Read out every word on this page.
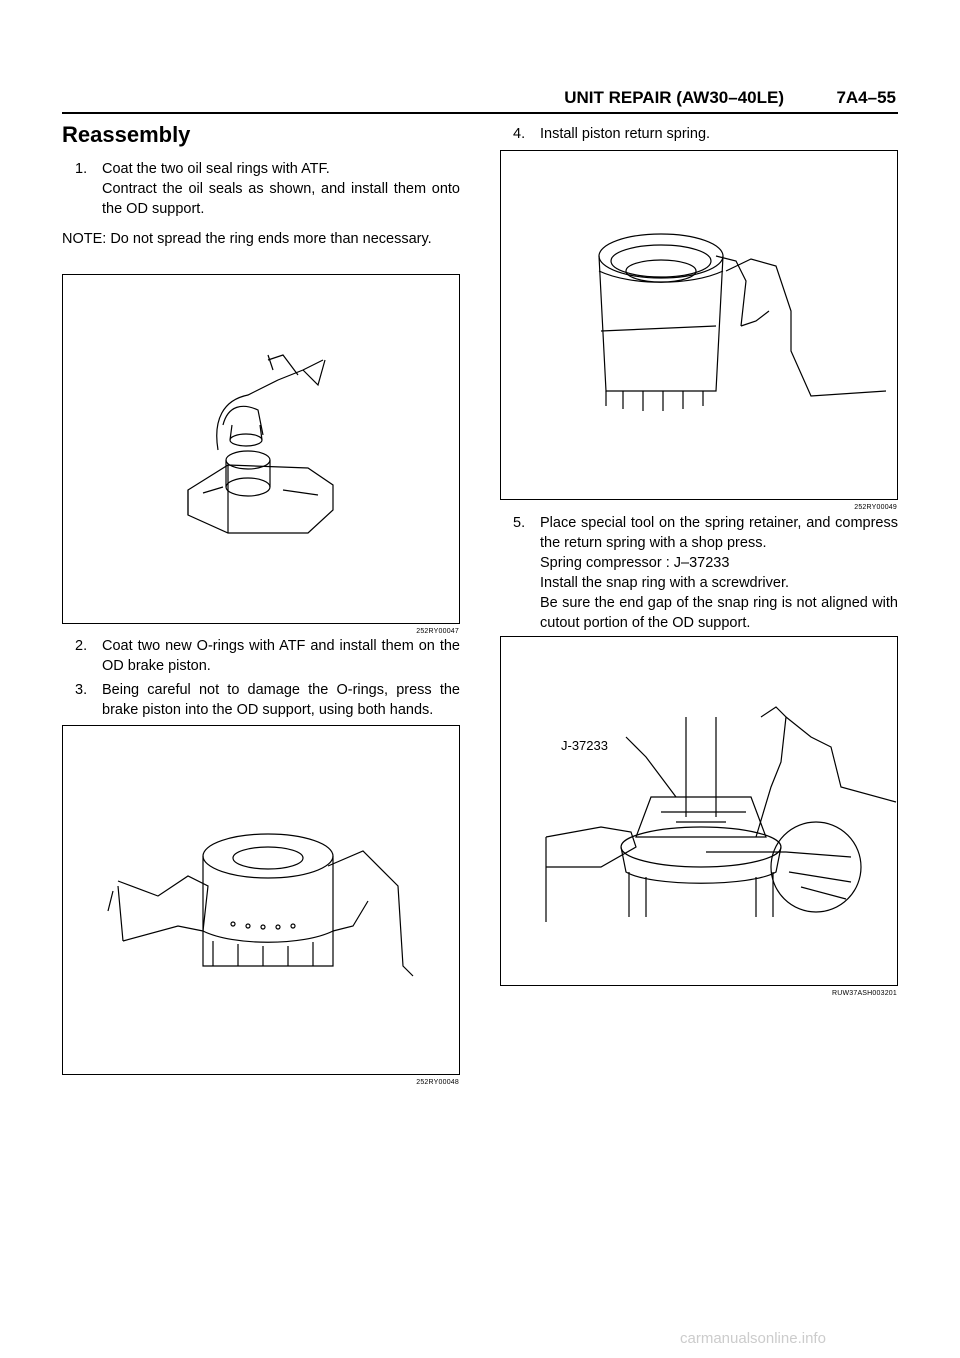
UNIT REPAIR (AW30–40LE)	7A4–55
Reassembly
1. Coat the two oil seal rings with ATF.
Contract the oil seals as shown, and install them onto the OD support.
NOTE: Do not spread the ring ends more than necessary.
252RY00047
2. Coat two new O-rings with ATF and install them on the OD brake piston.
3. Being careful not to damage the O-rings, press the brake piston into the OD support, using both hands.
252RY00048
4. Install piston return spring.
252RY00049
5. Place special tool on the spring retainer, and compress the return spring with a shop press.
Spring compressor : J–37233
Install the snap ring with a screwdriver.
Be sure the end gap of the snap ring is not aligned with cutout portion of the OD support.
J-37233
RUW37ASH003201
carmanualsonline.info
